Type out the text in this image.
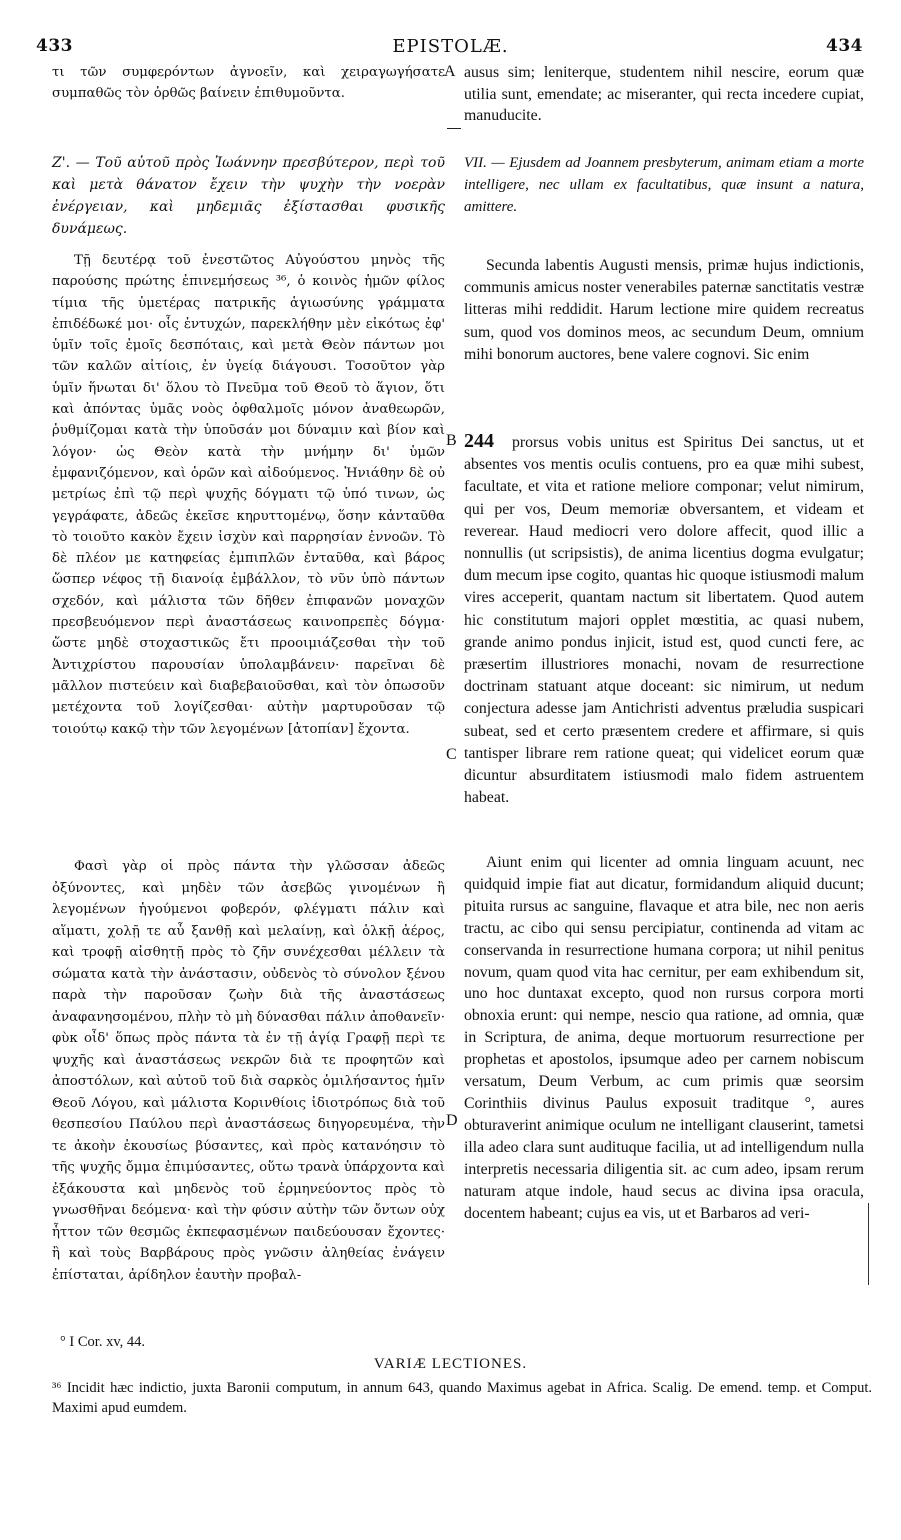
433	EPISTOLÆ.	434
τι τῶν συμφερόντων ἀγνοεῖν, καὶ χειραγωγήσατε συμπαθῶς τὸν ὀρθῶς βαίνειν ἐπιθυμοῦντα.
Ζ'. — Τοῦ αὐτοῦ πρὸς Ἰωάννην πρεσβύτερον, περὶ τοῦ καὶ μετὰ θάνατον ἔχειν τὴν ψυχὴν τὴν νοερὰν ἐνέργειαν, καὶ μηδεμιᾶς ἐξίστασθαι φυσικῆς δυνάμεως.
Τῇ δευτέρᾳ τοῦ ἐνεστῶτος Αὐγούστου μηνὸς τῆς παρούσης πρώτης ἐπινεμήσεως ³⁶, ὁ κοινὸς ἡμῶν φίλος τίμια τῆς ὑμετέρας πατρικῆς ἁγιωσύνης γράμματα ἐπιδέδωκέ μοι· οἷς ἐντυχών, παρεκλήθην μὲν εἰκότως ἐφ' ὑμῖν τοῖς ἐμοῖς δεσπόταις, καὶ μετὰ Θεὸν πάντων μοι τῶν καλῶν αἰτίοις, ἐν ὑγείᾳ διάγουσι. Τοσοῦτον γὰρ ὑμῖν ἥνωται δι' ὅλου τὸ Πνεῦμα τοῦ Θεοῦ τὸ ἅγιον, ὅτι καὶ ἀπόντας ὑμᾶς νοὸς ὀφθαλμοῖς μόνον ἀναθεωρῶν, ῥυθμίζομαι κατὰ τὴν ὑποῦσάν μοι δύναμιν καὶ βίον καὶ λόγον· ὡς Θεὸν κατὰ τὴν μνήμην δι' ὑμῶν ἐμφανιζόμενον, καὶ ὁρῶν καὶ αἰδούμενος. Ἠνιάθην δὲ οὐ μετρίως ἐπὶ τῷ περὶ ψυχῆς δόγματι τῷ ὑπό τινων, ὡς γεγράφατε, ἀδεῶς ἐκεῖσε κηρυττομένῳ, ὅσην κἀνταῦθα τὸ τοιοῦτο κακὸν ἔχειν ἰσχὺν καὶ παρρησίαν ἐννοῶν. Τὸ δὲ πλέον με κατηφείας ἐμπιπλῶν ἐνταῦθα, καὶ βάρος ὥσπερ νέφος τῇ διανοίᾳ ἐμβάλλον, τὸ νῦν ὑπὸ πάντων σχεδόν, καὶ μάλιστα τῶν δῆθεν ἐπιφανῶν μοναχῶν πρεσβευόμενον περὶ ἀναστάσεως καινοπρεπὲς δόγμα· ὥστε μηδὲ στοχαστικῶς ἔτι προοιμιάζεσθαι τὴν τοῦ Ἀντιχρίστου παρουσίαν ὑπολαμβάνειν· παρεῖναι δὲ μᾶλλον πιστεύειν καὶ διαβεβαιοῦσθαι, καὶ τὸν ὁπωσοῦν μετέχοντα τοῦ λογίζεσθαι· αὐτὴν μαρτυροῦσαν τῷ τοιούτῳ κακῷ τὴν τῶν λεγομένων [ἀτοπίαν] ἔχοντα.
Φασὶ γὰρ οἱ πρὸς πάντα τὴν γλῶσσαν ἀδεῶς ὀξύνοντες, καὶ μηδὲν τῶν ἀσεβῶς γινομένων ἢ λεγομένων ἡγούμενοι φοβερόν, φλέγματι πάλιν καὶ αἵματι, χολῇ τε αὖ ξανθῇ καὶ μελαίνῃ, καὶ ὁλκῇ ἀέρος, καὶ τροφῇ αἰσθητῇ πρὸς τὸ ζῆν συνέχεσθαι μέλλειν τὰ σώματα κατὰ τὴν ἀνάστασιν, οὐδενὸς τὸ σύνολον ξένου παρὰ τὴν παροῦσαν ζωὴν διὰ τῆς ἀναστάσεως ἀναφανησομένου, πλὴν τὸ μὴ δύνασθαι πάλιν ἀποθανεῖν· φὺκ οἶδ' ὅπως πρὸς πάντα τὰ ἐν τῇ ἁγίᾳ Γραφῇ περὶ τε ψυχῆς καὶ ἀναστάσεως νεκρῶν διὰ τε προφητῶν καὶ ἀποστόλων, καὶ αὐτοῦ τοῦ διὰ σαρκὸς ὁμιλήσαντος ἡμῖν Θεοῦ Λόγου, καὶ μάλιστα Κορινθίοις ἰδιοτρόπως διὰ τοῦ θεσπεσίου Παύλου περὶ ἀναστάσεως διηγορευμένα, τὴν τε ἀκοὴν ἐκουσίως βύσαντες, καὶ πρὸς κατανόησιν τὸ τῆς ψυχῆς ὄμμα ἐπιμύσαντες, οὕτω τρανὰ ὑπάρχοντα καὶ ἐξάκουστα καὶ μηδενὸς τοῦ ἑρμηνεύοντος πρὸς τὸ γνωσθῆναι δεόμενα· καὶ τὴν φύσιν αὐτὴν τῶν ὄντων οὐχ ἧττον τῶν θεσμῶς ἐκπεφασμένων παιδεύουσαν ἔχοντες· ἢ καὶ τοὺς Βαρβάρους πρὸς γνῶσιν ἀληθείας ἐνάγειν ἐπίσταται, ἀρίδηλον ἑαυτὴν προβαλ-
° I Cor. xv, 44.
A
B
C
D
ausus sim; leniterque, studentem nihil nescire, eorum quæ utilia sunt, emendate; ac miseranter, qui recta incedere cupiat, manuducite.
VII. — Ejusdem ad Joannem presbyterum, animam etiam a morte intelligere, nec ullam ex facultatibus, quæ insunt a natura, amittere.
Secunda labentis Augusti mensis, primæ hujus indictionis, communis amicus noster venerabiles paternæ sanctitatis vestræ litteras mihi reddidit. Harum lectione mire quidem recreatus sum, quod vos dominos meos, ac secundum Deum, omnium mihi bonorum auctores, bene valere cognovi. Sic enim
244	prorsus vobis unitus est Spiritus Dei sanctus, ut et absentes vos mentis oculis contuens, pro ea quæ mihi subest, facultate, et vita et ratione meliore componar; velut nimirum, qui per vos, Deum memoriæ obversantem, et videam et reverear. Haud mediocri vero dolore affecit, quod illic a nonnullis (ut scripsistis), de anima licentius dogma evulgatur; dum mecum ipse cogito, quantas hic quoque istiusmodi malum vires acceperit, quantam nactum sit libertatem. Quod autem hic constitutum majori opplet mœstitia, ac quasi nubem, grande animo pondus injicit, istud est, quod cuncti fere, ac præsertim illustriores monachi, novam de resurrectione doctrinam statuant atque doceant: sic nimirum, ut nedum conjectura adesse jam Antichristi adventus præludia suspicari subeat, sed et certo præsentem credere et affirmare, si quis tantisper librare rem ratione queat; qui videlicet eorum quæ dicuntur absurditatem istiusmodi malo fidem astruentem habeat.
Aiunt enim qui licenter ad omnia linguam acuunt, nec quidquid impie fiat aut dicatur, formidandum aliquid ducunt; pituita rursus ac sanguine, flavaque et atra bile, nec non aeris tractu, ac cibo qui sensu percipiatur, continenda ad vitam ac conservanda in resurrectione humana corpora; ut nihil penitus novum, quam quod vita hac cernitur, per eam exhibendum sit, uno hoc duntaxat excepto, quod non rursus corpora morti obnoxia erunt: qui nempe, nescio qua ratione, ad omnia, quæ in Scriptura, de anima, deque mortuorum resurrectione per prophetas et apostolos, ipsumque adeo per carnem nobiscum versatum, Deum Verbum, ac cum primis quæ seorsim Corinthiis divinus Paulus exposuit traditque °, aures obturaverint animique oculum ne intelligant clauserint, tametsi illa adeo clara sunt audituque facilia, ut ad intelligendum nulla interpretis necessaria diligentia sit. ac cum adeo, ipsam rerum naturam atque indole, haud secus ac divina ipsa oracula, docentem habeant; cujus ea vis, ut et Barbaros ad veri-
VARIÆ LECTIONES.
³⁶ Incidit hæc indictio, juxta Baronii computum, in annum 643, quando Maximus agebat in Africa. Scalig. De emend. temp. et Comput. Maximi apud eumdem.
